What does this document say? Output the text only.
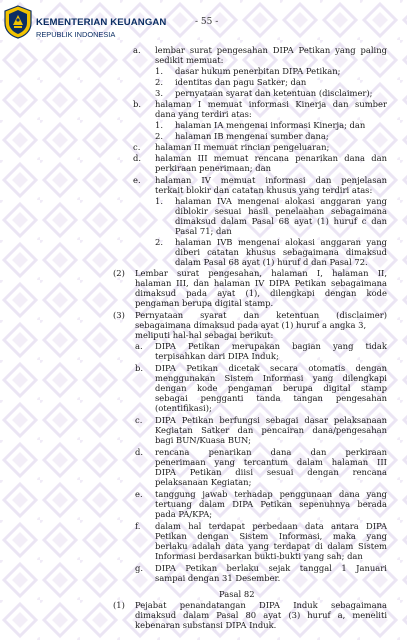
KEMENTERIAN KEUANGAN
REPUBLIK INDONESIA
- 55 -
a. lembar surat pengesahan DIPA Petikan yang paling
sedikit memuat:
1. dasar hukum penerbitan DIPA Petikan;
2. identitas dan pagu Satker; dan
3. pernyataan syarat dan ketentuan (disclaimer);
b. halaman I memuat informasi Kinerja dan sumber
dana yang terdiri atas:
1. halaman IA mengenai informasi Kinerja; dan
2. halaman IB mengenai sumber dana;
c. halaman II memuat rincian pengeluaran;
d. halaman III memuat rencana penarikan dana dan
perkiraan penerimaan; dan
e. halaman IV memuat informasi dan penjelasan
terkait blokir dan catatan khusus yang terdiri atas:
1. halaman IVA mengenai alokasi anggaran yang
diblokir sesuai hasil penelaahan sebagaimana
dimaksud dalam Pasal 68 ayat (1) huruf c dan
Pasal 71; dan
2. halaman IVB mengenai alokasi anggaran yang
diberi catatan khusus sebagaimana dimaksud
dalam Pasal 68 ayat (1) huruf d dan Pasal 72.
(2) Lembar surat pengesahan, halaman I, halaman II,
halaman III, dan halaman IV DIPA Petikan sebagaimana
dimaksud pada ayat (1), dilengkapi dengan kode
pengaman berupa digital stamp.
(3) Pernyataan syarat dan ketentuan (disclaimer)
sebagaimana dimaksud pada ayat (1) huruf a angka 3,
meliputi hal-hal sebagai berikut:
a. DIPA Petikan merupakan bagian yang tidak
terpisahkan dari DIPA Induk;
b. DIPA Petikan dicetak secara otomatis dengan
menggunakan Sistem Informasi yang dilengkapi
dengan kode pengaman berupa digital stamp
sebagai pengganti tanda tangan pengesahan
(otentifikasi);
c. DIPA Petikan berfungsi sebagai dasar pelaksanaan
Kegiatan Satker dan pencairan dana/pengesahan
bagi BUN/Kuasa BUN;
d. rencana penarikan dana dan perkiraan
penerimaan yang tercantum dalam halaman III
DIPA Petikan diisi sesuai dengan rencana
pelaksanaan Kegiatan;
e. tanggung jawab terhadap penggunaan dana yang
tertuang dalam DIPA Petikan sepenuhnya berada
pada PA/KPA;
f. dalam hal terdapat perbedaan data antara DIPA
Petikan dengan Sistem Informasi, maka yang
berlaku adalah data yang terdapat di dalam Sistem
Informasi berdasarkan bukti-bukti yang sah; dan
g. DIPA Petikan berlaku sejak tanggal 1 Januari
sampai dengan 31 Desember.
Pasal 82
(1) Pejabat penandatangan DIPA Induk sebagaimana
dimaksud dalam Pasal 80 ayat (3) huruf a, meneliti
kebenaran substansi DIPA Induk.
